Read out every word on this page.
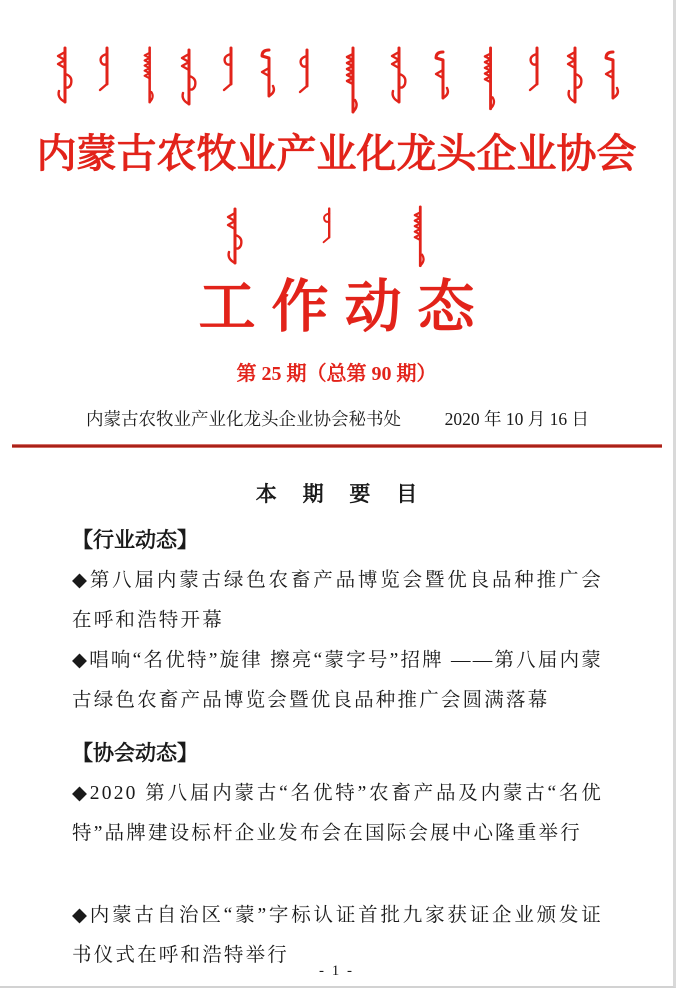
内蒙古农牧业产业化龙头企业协会
工作动态
第 25 期（总第 90 期）
内蒙古农牧业产业化龙头企业协会秘书处 2020 年 10 月 16 日
本 期 要 目
【行业动态】
◆第八届内蒙古绿色农畜产品博览会暨优良品种推广会在呼和浩特开幕
◆唱响“名优特”旋律 擦亮“蒙字号”招牌 ——第八届内蒙古绿色农畜产品博览会暨优良品种推广会圆满落幕
【协会动态】
◆2020 第八届内蒙古“名优特”农畜产品及内蒙古“名优特”品牌建设标杆企业发布会在国际会展中心隆重举行
◆内蒙古自治区“蒙”字标认证首批九家获证企业颁发证书仪式在呼和浩特举行
- 1 -
